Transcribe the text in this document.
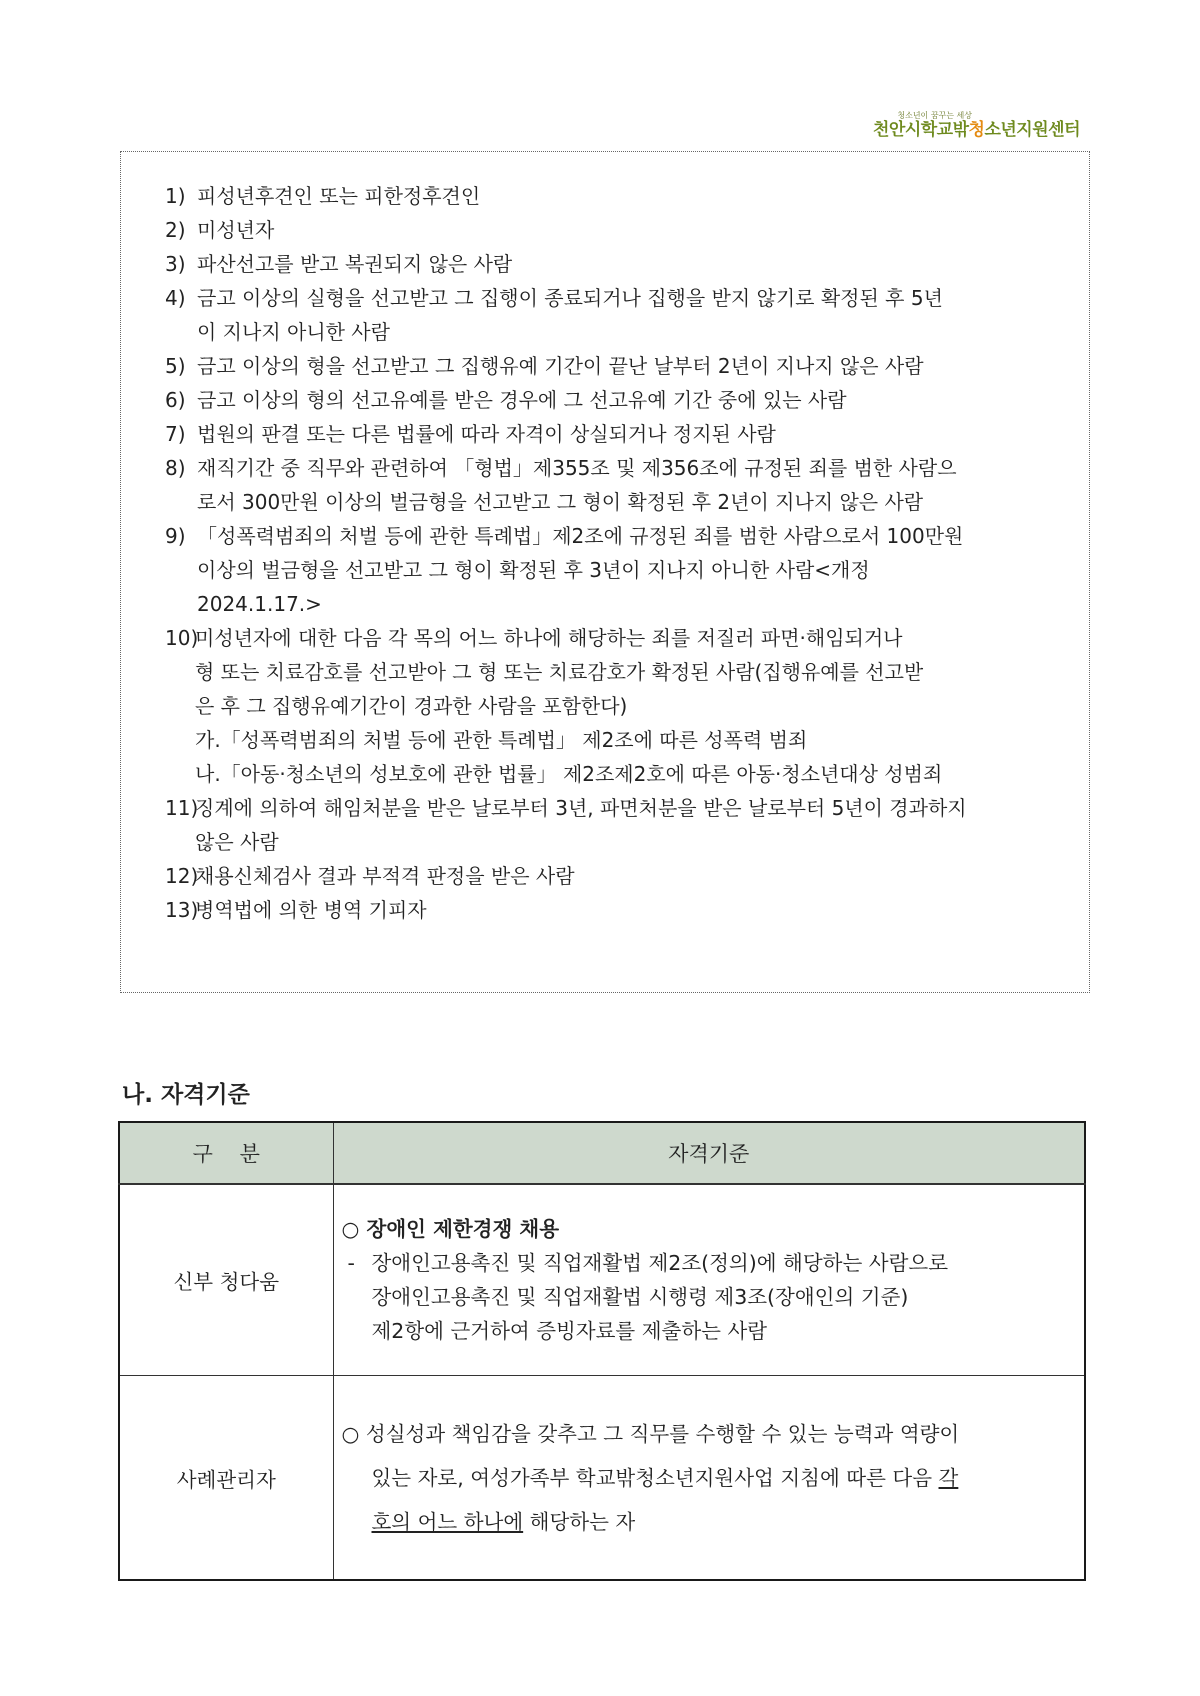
청소년이 꿈꾸는 세상
천안시학교밖청소년지원센터
1) 피성년후견인 또는 피한정후견인
2) 미성년자
3) 파산선고를 받고 복권되지 않은 사람
4) 금고 이상의 실형을 선고받고 그 집행이 종료되거나 집행을 받지 않기로 확정된 후 5년
이 지나지 아니한 사람
5) 금고 이상의 형을 선고받고 그 집행유예 기간이 끝난 날부터 2년이 지나지 않은 사람
6) 금고 이상의 형의 선고유예를 받은 경우에 그 선고유예 기간 중에 있는 사람
7) 법원의 판결 또는 다른 법률에 따라 자격이 상실되거나 정지된 사람
8) 재직기간 중 직무와 관련하여 「형법」제355조 및 제356조에 규정된 죄를 범한 사람으
로서 300만원 이상의 벌금형을 선고받고 그 형이 확정된 후 2년이 지나지 않은 사람
9) 「성폭력범죄의 처벌 등에 관한 특례법」제2조에 규정된 죄를 범한 사람으로서 100만원
이상의 벌금형을 선고받고 그 형이 확정된 후 3년이 지나지 아니한 사람<개정
2024.1.17.>
10)
미성년자에 대한 다음 각 목의 어느 하나에 해당하는 죄를 저질러 파면·해임되거나
형 또는 치료감호를 선고받아 그 형 또는 치료감호가 확정된 사람(집행유예를 선고받
은 후 그 집행유예기간이 경과한 사람을 포함한다)
가.「성폭력범죄의 처벌 등에 관한 특례법」 제2조에 따른 성폭력 범죄
나.「아동·청소년의 성보호에 관한 법률」 제2조제2호에 따른 아동·청소년대상 성범죄
11)
징계에 의하여 해임처분을 받은 날로부터 3년, 파면처분을 받은 날로부터 5년이 경과하지
않은 사람
12)
채용신체검사 결과 부적격 판정을 받은 사람
13)
병역법에 의한 병역 기피자
나. 자격기준
구    분	자격기준
신부 청다움	○ 장애인 제한경쟁 채용
- 장애인고용촉진 및 직업재활법 제2조(정의)에 해당하는 사람으로
장애인고용촉진 및 직업재활법 시행령 제3조(장애인의 기준)
제2항에 근거하여 증빙자료를 제출하는 사람

사례관리자	○ 성실성과 책임감을 갖추고 그 직무를 수행할 수 있는 능력과 역량이
있는 자로, 여성가족부 학교밖청소년지원사업 지침에 따른 다음 각
호의 어느 하나에 해당하는 자
